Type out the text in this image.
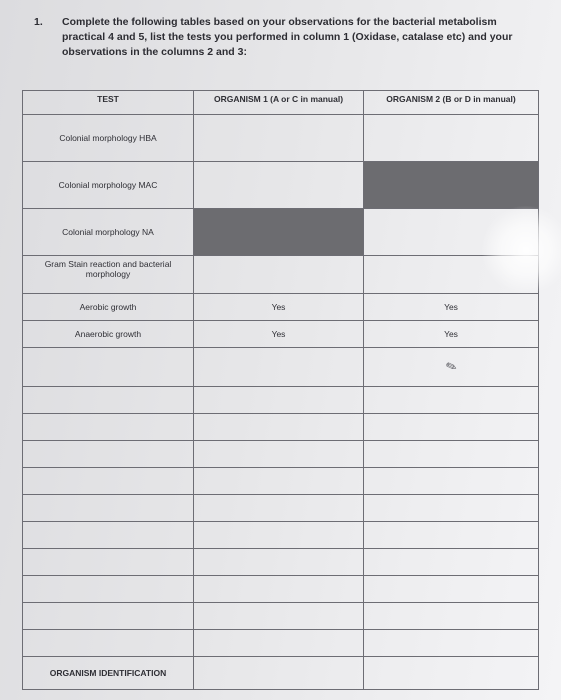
1. Complete the following tables based on your observations for the bacterial metabolism practical 4 and 5, list the tests you performed in column 1 (Oxidase, catalase etc) and your observations in the columns 2 and 3:
TEST	ORGANISM 1 (A or C in manual)	ORGANISM 2 (B or D in manual)
Colonial morphology HBA		
Colonial morphology MAC		
Colonial morphology NA		
Gram Stain reaction and bacterial morphology		
Aerobic growth	Yes	Yes
Anaerobic growth	Yes	Yes
		✎

ORGANISM IDENTIFICATION		
